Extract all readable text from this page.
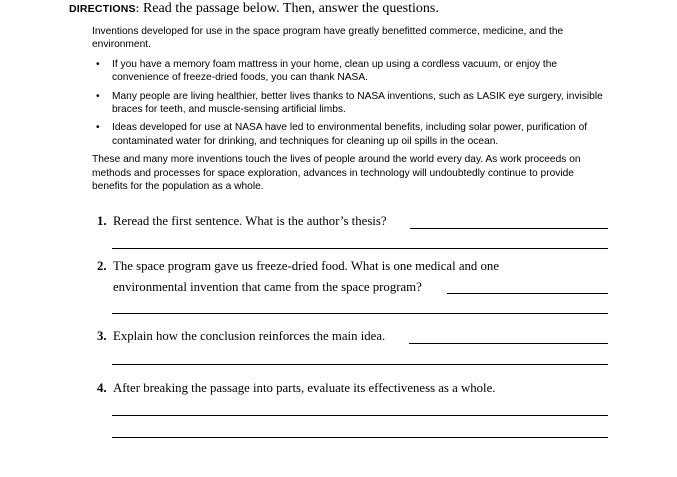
DIRECTIONS: Read the passage below. Then, answer the questions.

Inventions developed for use in the space program have greatly benefitted commerce, medicine, and the environment.

• If you have a memory foam mattress in your home, clean up using a cordless vacuum, or enjoy the convenience of freeze-dried foods, you can thank NASA.
• Many people are living healthier, better lives thanks to NASA inventions, such as LASIK eye surgery, invisible braces for teeth, and muscle-sensing artificial limbs.
• Ideas developed for use at NASA have led to environmental benefits, including solar power, purification of contaminated water for drinking, and techniques for cleaning up oil spills in the ocean.

These and many more inventions touch the lives of people around the world every day. As work proceeds on methods and processes for space exploration, advances in technology will undoubtedly continue to provide benefits for the population as a whole.

1. Reread the first sentence. What is the author’s thesis?
2. The space program gave us freeze-dried food. What is one medical and one
environmental invention that came from the space program?
3. Explain how the conclusion reinforces the main idea.
4. After breaking the passage into parts, evaluate its effectiveness as a whole.
